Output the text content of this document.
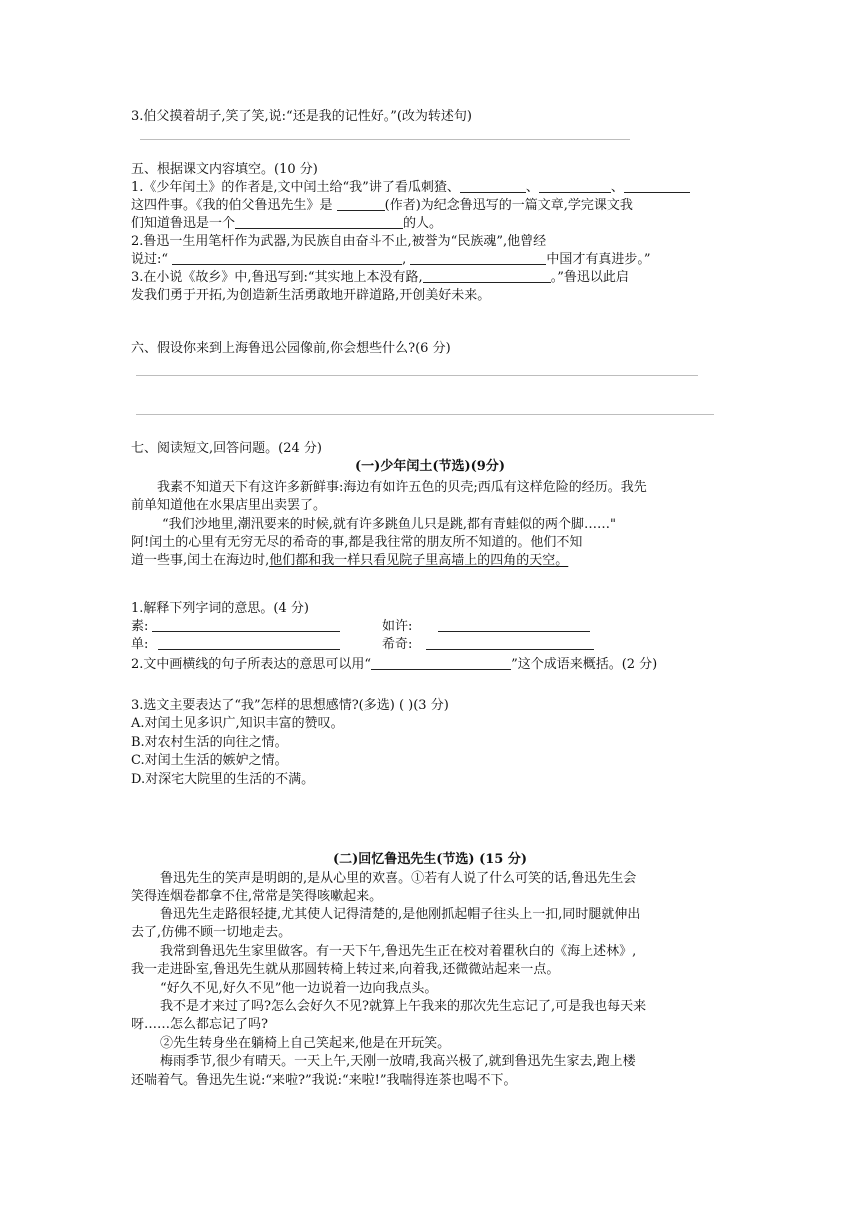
3.伯父摸着胡子,笑了笑,说:“还是我的记性好。”(改为转述句)
五、根据课文内容填空。(10 分)
1.《少年闰土》的作者是,文中闰土给“我”讲了看瓜刺猹、	、	、
这四件事。《我的伯父鲁迅先生》是	(作者)为纪念鲁迅写的一篇文章,学完课文我
们知道鲁迅是一个	的人。
2.鲁迅一生用笔杆作为武器,为民族自由奋斗不止,被誉为“民族魂”,他曾经
说过:“	,	中国才有真进步。”
3.在小说《故乡》中,鲁迅写到:“其实地上本没有路,	。”鲁迅以此启
发我们勇于开拓,为创造新生活勇敢地开辟道路,开创美好未来。
六、假设你来到上海鲁迅公园像前,你会想些什么?(6 分)
七、阅读短文,回答问题。(24 分)
(一)少年闰土(节选)(9分)
我素不知道天下有这许多新鲜事:海边有如许五色的贝壳;西瓜有这样危险的经历。我先
前单知道他在水果店里出卖罢了。
“我们沙地里,潮汛要来的时候,就有许多跳鱼儿只是跳,都有青蛙似的两个脚……"
阿!闰土的心里有无穷无尽的希奇的事,都是我往常的朋友所不知道的。他们不知
道一些事,闰土在海边时,他们都和我一样只看见院子里高墙上的四角的天空。
1.解释下列字词的意思。(4 分)
素:	如许:
单:	希奇:
2.文中画横线的句子所表达的意思可以用“	”这个成语来概括。(2 分)
3.选文主要表达了“我”怎样的思想感情?(多选) ( )(3 分)
A.对闰土见多识广,知识丰富的赞叹。
B.对农村生活的向往之情。
C.对闰土生活的嫉妒之情。
D.对深宅大院里的生活的不满。
(二)回忆鲁迅先生(节选) (15 分)
鲁迅先生的笑声是明朗的,是从心里的欢喜。①若有人说了什么可笑的话,鲁迅先生会
笑得连烟卷都拿不住,常常是笑得咳嗽起来。
鲁迅先生走路很轻捷,尤其使人记得清楚的,是他刚抓起帽子往头上一扣,同时腿就伸出
去了,仿佛不顾一切地走去。
我常到鲁迅先生家里做客。有一天下午,鲁迅先生正在校对着瞿秋白的《海上述林》,
我一走进卧室,鲁迅先生就从那圆转椅上转过来,向着我,还微微站起来一点。
“好久不见,好久不见”他一边说着一边向我点头。
我不是才来过了吗?怎么会好久不见?就算上午我来的那次先生忘记了,可是我也每天来
呀……怎么都忘记了吗?
②先生转身坐在躺椅上自己笑起来,他是在开玩笑。
梅雨季节,很少有晴天。一天上午,天刚一放晴,我高兴极了,就到鲁迅先生家去,跑上楼
还喘着气。鲁迅先生说:“来啦?”我说:“来啦!”我喘得连茶也喝不下。
